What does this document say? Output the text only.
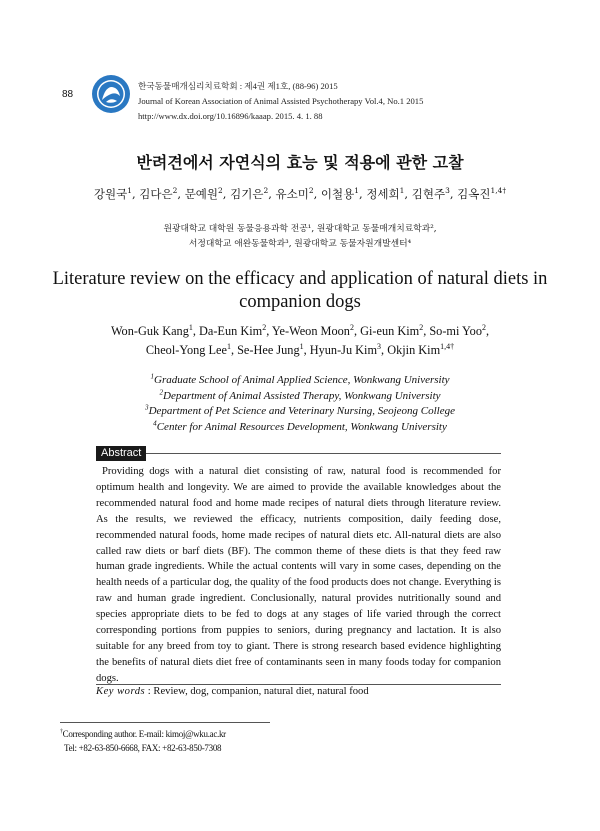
88
한국동물매개심리치료학회 : 제4권 제1호, (88-96) 2015
Journal of Korean Association of Animal Assisted Psychotherapy Vol.4, No.1 2015
http://www.dx.doi.org/10.16896/kaaap. 2015. 4. 1. 88
반려견에서 자연식의 효능 및 적용에 관한 고찰
강원국$^1$, 김다은$^2$, 문예원$^2$, 김기은$^2$, 유소미$^2$, 이철용$^1$, 정세희$^1$, 김현주$^3$, 김옥진$^{1,4\dagger}$
원광대학교 대학원 동물응용과학 전공¹, 원광대학교 동물매개치료학과²,
서정대학교 애완동물학과³, 원광대학교 동물자원개발센터⁴
Literature review on the efficacy and application of natural diets in companion dogs
Won-Guk Kang$^1$, Da-Eun Kim$^2$, Ye-Weon Moon$^2$, Gi-eun Kim$^2$, So-mi Yoo$^2$,
Cheol-Yong Lee$^1$, Se-Hee Jung$^1$, Hyun-Ju Kim$^3$, Okjin Kim$^{1,4\dagger}$
$^1$Graduate School of Animal Applied Science, Wonkwang University
$^2$Department of Animal Assisted Therapy, Wonkwang University
$^3$Department of Pet Science and Veterinary Nursing, Seojeong College
$^4$Center for Animal Resources Development, Wonkwang University
Abstract

Providing dogs with a natural diet consisting of raw, natural food is recommended for optimum health and longevity. We are aimed to provide the available knowledges about the recommended natural food and home made recipes of natural diets through literature review. As the results, we reviewed the efficacy, nutrients composition, daily feeding dose, recommended natural foods, home made recipes of natural diets etc. All-natural diets are also called raw diets or barf diets (BF). The common theme of these diets is that they feed raw human grade ingredients. While the actual contents will vary in some cases, depending on the health needs of a particular dog, the quality of the food products does not change. Everything is raw and human grade ingredient. Conclusionally, natural provides nutritionally sound and species appropriate diets to be fed to dogs at any stages of life varied through the correct corresponding portions from puppies to seniors, during pregnancy and lactation. It is also suitable for any breed from toy to giant. There is strong research based evidence highlighting the benefits of natural diets diet free of contaminants seen in many foods today for companion dogs.

Key words : Review, dog, companion, natural diet, natural food
†Corresponding author. E-mail: kimoj@wku.ac.kr
Tel: +82-63-850-6668, FAX: +82-63-850-7308
